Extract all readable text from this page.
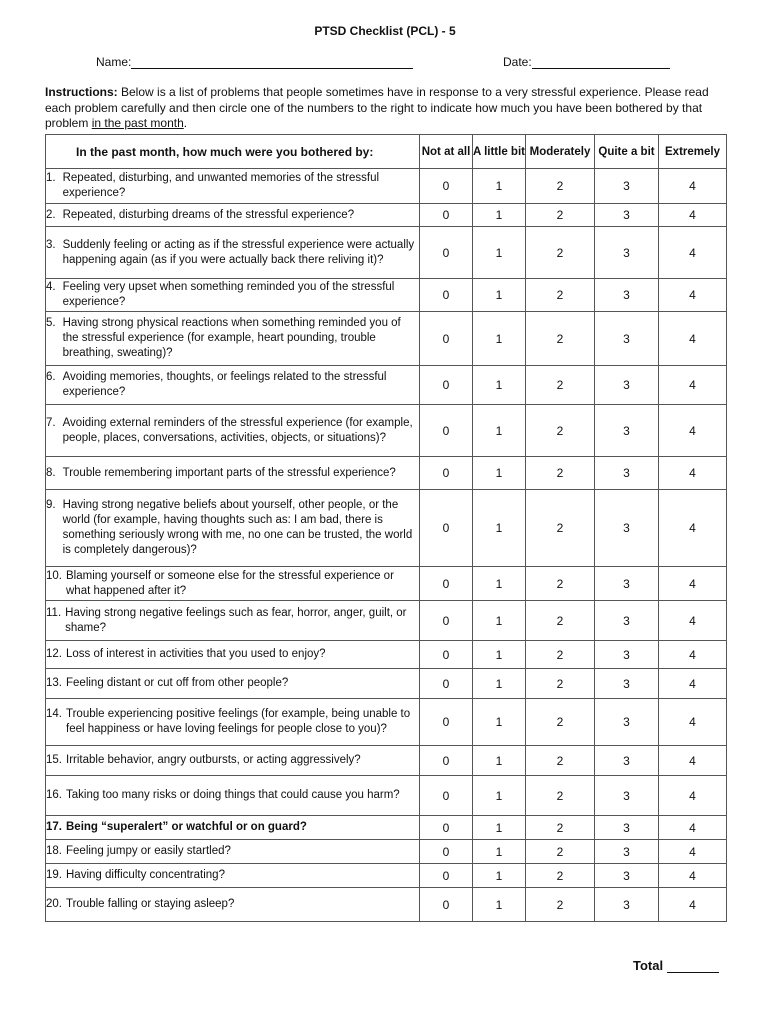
PTSD Checklist (PCL) - 5
Name:	Date:
Instructions: Below is a list of problems that people sometimes have in response to a very stressful experience. Please read each problem carefully and then circle one of the numbers to the right to indicate how much you have been bothered by that problem in the past month.
In the past month, how much were you bothered by:	Not at all	A little bit	Moderately	Quite a bit	Extremely

1. Repeated, disturbing, and unwanted memories of the stressful experience?	0	1	2	3	4

2. Repeated, disturbing dreams of the stressful experience?	0	1	2	3	4

3. Suddenly feeling or acting as if the stressful experience were actually happening again (as if you were actually back there reliving it)?	0	1	2	3	4

4. Feeling very upset when something reminded you of the stressful experience?	0	1	2	3	4

5. Having strong physical reactions when something reminded you of the stressful experience (for example, heart pounding, trouble breathing, sweating)?	0	1	2	3	4

6. Avoiding memories, thoughts, or feelings related to the stressful experience?	0	1	2	3	4

7. Avoiding external reminders of the stressful experience (for example, people, places, conversations, activities, objects, or situations)?	0	1	2	3	4

8. Trouble remembering important parts of the stressful experience?	0	1	2	3	4

9. Having strong negative beliefs about yourself, other people, or the world (for example, having thoughts such as: I am bad, there is something seriously wrong with me, no one can be trusted, the world is completely dangerous)?	0	1	2	3	4

10. Blaming yourself or someone else for the stressful experience or what happened after it?	0	1	2	3	4

11. Having strong negative feelings such as fear, horror, anger, guilt, or shame?	0	1	2	3	4

12. Loss of interest in activities that you used to enjoy?	0	1	2	3	4

13. Feeling distant or cut off from other people?	0	1	2	3	4

14. Trouble experiencing positive feelings (for example, being unable to feel happiness or have loving feelings for people close to you)?	0	1	2	3	4

15. Irritable behavior, angry outbursts, or acting aggressively?	0	1	2	3	4

16. Taking too many risks or doing things that could cause you harm?	0	1	2	3	4

17. Being “superalert” or watchful or on guard?	0	1	2	3	4

18. Feeling jumpy or easily startled?	0	1	2	3	4

19. Having difficulty concentrating?	0	1	2	3	4

20. Trouble falling or staying asleep?	0	1	2	3	4
Total
